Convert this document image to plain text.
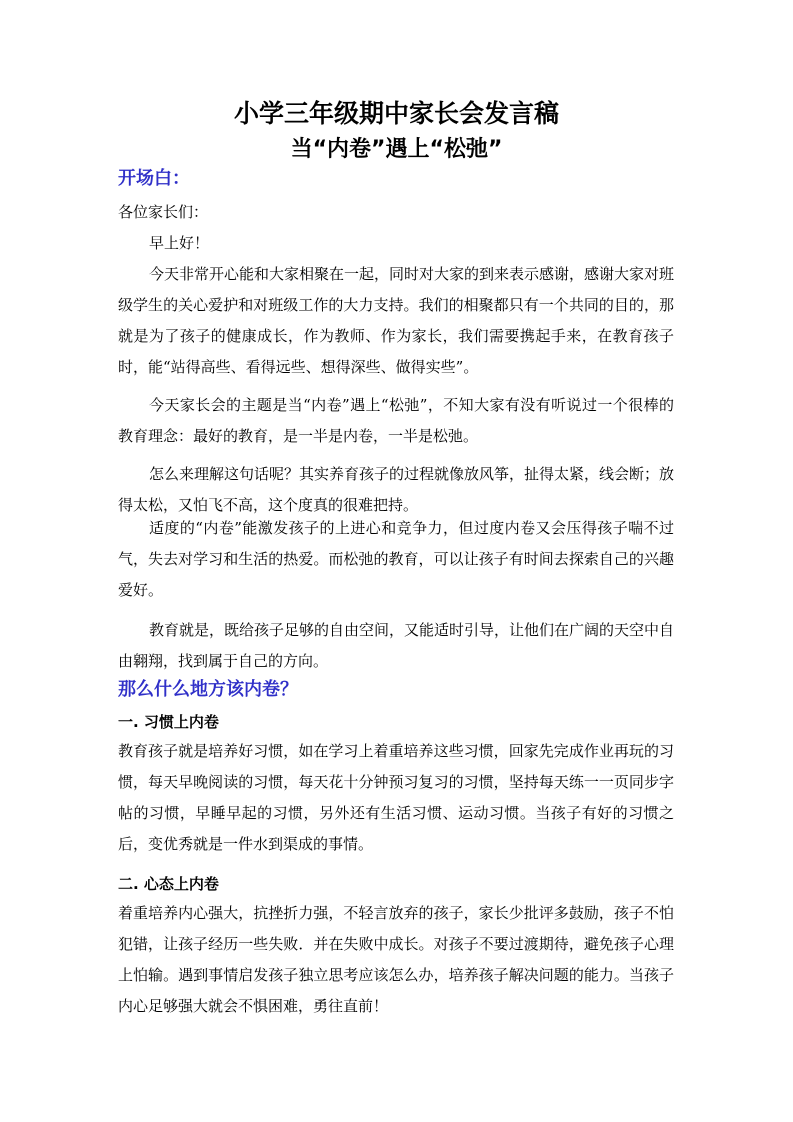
小学三年级期中家长会发言稿
当“内卷”遇上“松弛”
开场白：

各位家长们：

早上好！

今天非常开心能和大家相聚在一起，同时对大家的到来表示感谢，感谢大家对班级学生的关心爱护和对班级工作的大力支持。我们的相聚都只有一个共同的目的，那就是为了孩子的健康成长，作为教师、作为家长，我们需要携起手来，在教育孩子时，能“站得高些、看得远些、想得深些、做得实些”。

今天家长会的主题是当“内卷”遇上“松弛”，不知大家有没有听说过一个很棒的教育理念：最好的教育，是一半是内卷，一半是松弛。

怎么来理解这句话呢？其实养育孩子的过程就像放风筝，扯得太紧，线会断；放得太松，又怕飞不高，这个度真的很难把持。

适度的“内卷”能激发孩子的上进心和竞争力，但过度内卷又会压得孩子喘不过气，失去对学习和生活的热爱。而松弛的教育，可以让孩子有时间去探索自己的兴趣爱好。

教育就是，既给孩子足够的自由空间，又能适时引导，让他们在广阔的天空中自由翱翔，找到属于自己的方向。

那么什么地方该内卷？
一. 习惯上内卷

教育孩子就是培养好习惯，如在学习上着重培养这些习惯，回家先完成作业再玩的习惯，每天早晚阅读的习惯，每天花十分钟预习复习的习惯，坚持每天练一一页同步字帖的习惯，早睡早起的习惯，另外还有生活习惯、运动习惯。当孩子有好的习惯之后，变优秀就是一件水到渠成的事情。

二. 心态上内卷

着重培养内心强大，抗挫折力强，不轻言放弃的孩子，家长少批评多鼓励，孩子不怕犯错，让孩子经历一些失败．并在失败中成长。对孩子不要过渡期待，避免孩子心理上怕输。遇到事情启发孩子独立思考应该怎么办，培养孩子解决问题的能力。当孩子内心足够强大就会不惧困难，勇往直前！
